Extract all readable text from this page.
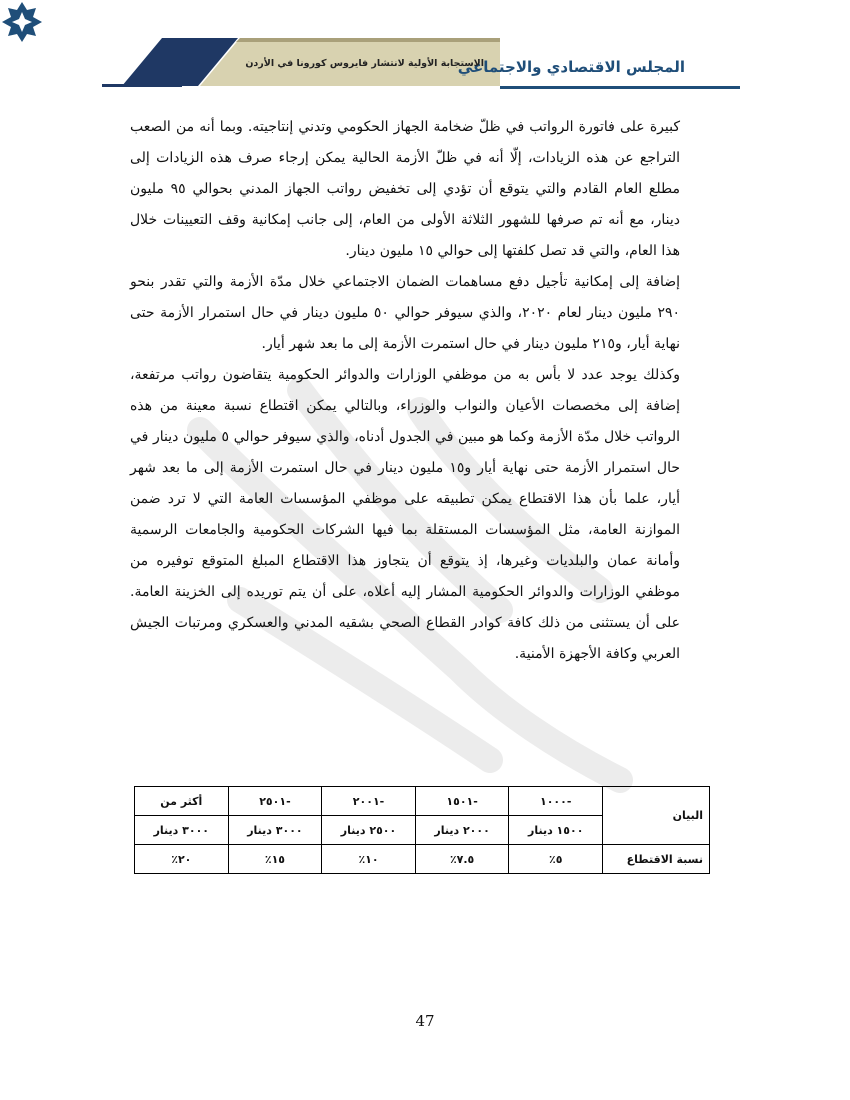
المجلس الاقتصادي والاجتماعي
الاستجابة الأولية لانتشار فايروس كورونا في الأردن

كبيرة على فاتورة الرواتب في ظلّ ضخامة الجهاز الحكومي وتدني إنتاجيته. وبما أنه من الصعب التراجع عن هذه الزيادات، إلّا أنه في ظلّ الأزمة الحالية يمكن إرجاء صرف هذه الزيادات إلى مطلع العام القادم والتي يتوقع أن تؤدي إلى تخفيض رواتب الجهاز المدني بحوالي ٩٥ مليون دينار، مع أنه تم صرفها للشهور الثلاثة الأولى من العام، إلى جانب إمكانية وقف التعيينات خلال هذا العام، والتي قد تصل كلفتها إلى حوالي ١٥ مليون دينار.

إضافة إلى إمكانية تأجيل دفع مساهمات الضمان الاجتماعي خلال مدّة الأزمة والتي تقدر بنحو ٢٩٠ مليون دينار لعام ٢٠٢٠، والذي سيوفر حوالي ٥٠ مليون دينار في حال استمرار الأزمة حتى نهاية أيار، و٢١٥ مليون دينار في حال استمرت الأزمة إلى ما بعد شهر أيار.

وكذلك يوجد عدد لا بأس به من موظفي الوزارات والدوائر الحكومية يتقاضون رواتب مرتفعة، إضافة إلى مخصصات الأعيان والنواب والوزراء، وبالتالي يمكن اقتطاع نسبة معينة من هذه الرواتب خلال مدّة الأزمة وكما هو مبين في الجدول أدناه، والذي سيوفر حوالي ٥ مليون دينار في حال استمرار الأزمة حتى نهاية أيار و١٥ مليون دينار في حال استمرت الأزمة إلى ما بعد شهر أيار، علما بأن هذا الاقتطاع يمكن تطبيقه على موظفي المؤسسات العامة التي لا ترد ضمن الموازنة العامة، مثل المؤسسات المستقلة بما فيها الشركات الحكومية والجامعات الرسمية وأمانة عمان والبلديات وغيرها، إذ يتوقع أن يتجاوز هذا الاقتطاع المبلغ المتوقع توفيره من موظفي الوزارات والدوائر الحكومية المشار إليه أعلاه، على أن يتم توريده إلى الخزينة العامة. على أن يستثنى من ذلك كافة كوادر القطاع الصحي بشقيه المدني والعسكري ومرتبات الجيش العربي وكافة الأجهزة الأمنية.

البيان	-١٠٠٠	-١٥٠١	-٢٠٠١	-٢٥٠١	أكثر من
	١٥٠٠ دينار	٢٠٠٠ دينار	٢٥٠٠ دينار	٣٠٠٠ دينار	٣٠٠٠ دينار
نسبة الاقتطاع	٥٪	٧.٥٪	١٠٪	١٥٪	٢٠٪
47
